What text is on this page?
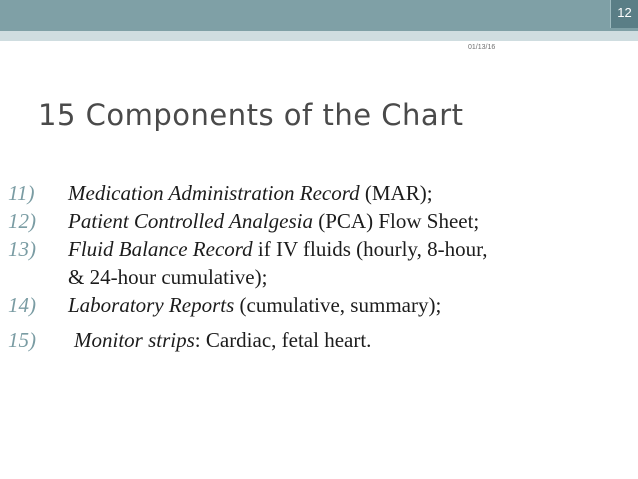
12
01/13/16
15 Components of the Chart
11) Medication Administration Record (MAR);
12) Patient Controlled Analgesia (PCA) Flow Sheet;
13) Fluid Balance Record if IV fluids (hourly, 8-hour,
& 24-hour cumulative);
14) Laboratory Reports (cumulative, summary);
15) Monitor strips: Cardiac, fetal heart.
